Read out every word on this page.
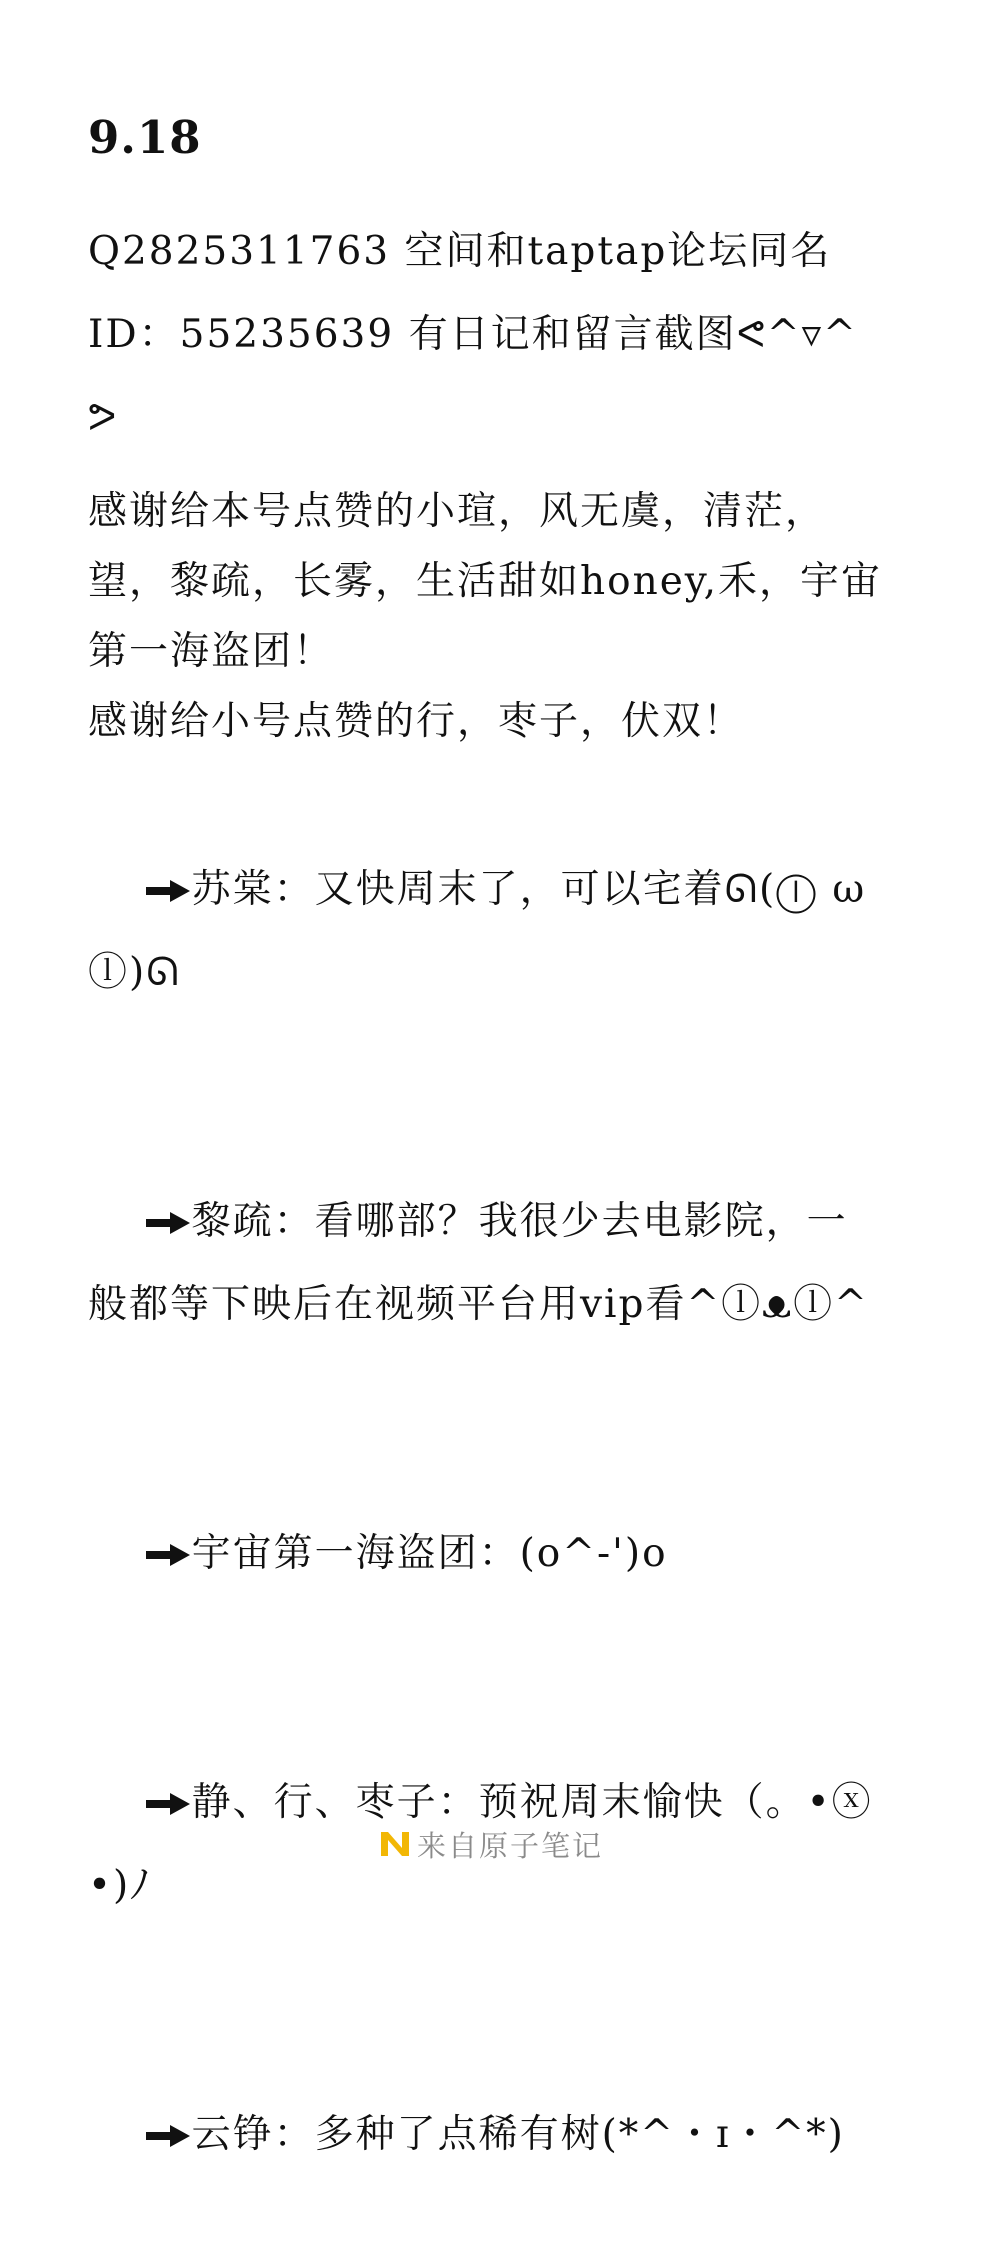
9.18

Q2825311763 空间和taptap论坛同名

ID：55235639 有日记和留言截图ᕙ^▿^ᕗ

感谢给本号点赞的小瑄，风无虞，清茫，望，黎疏，长雾，生活甜如honey,禾，宇宙第一海盗团！

感谢给小号点赞的行，枣子，伏双！

苏棠：又快周末了，可以宅着ᘏ(ⓛ ω ⓛ)ᘏ

黎疏：看哪部？我很少去电影院，一般都等下映后在视频平台用vip看^ⓛᴥⓛ^

宇宙第一海盗团：(o^-')o

静、行、枣子：预祝周末愉快（。•ⓧ •)ﾉ

云铮：多种了点稀有树(*^・ɪ・^*)

来自原子笔记
